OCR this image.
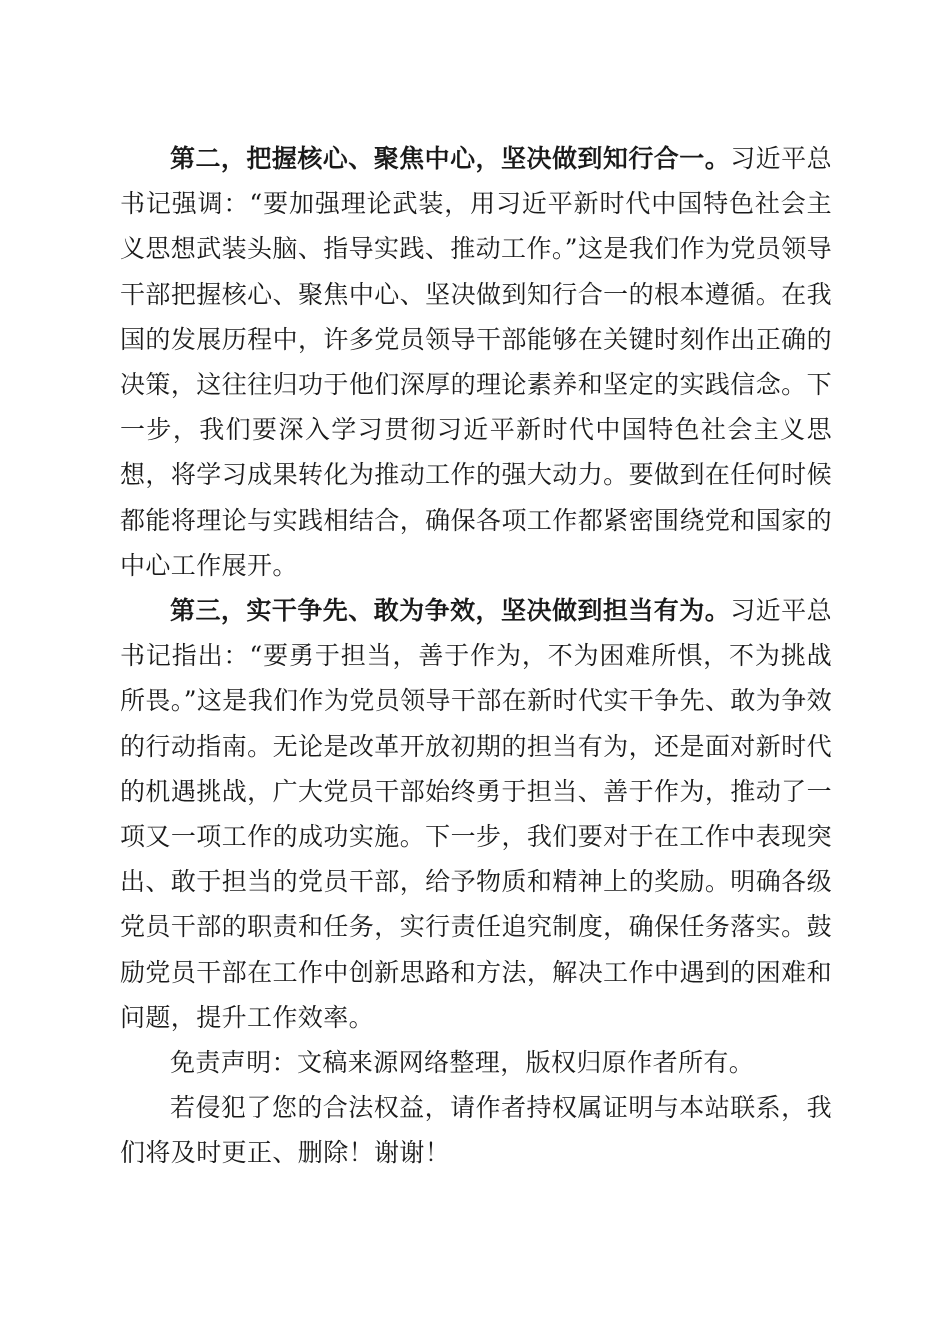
第二，把握核心、聚焦中心，坚决做到知行合一。习近平总书记强调：“要加强理论武装，用习近平新时代中国特色社会主义思想武装头脑、指导实践、推动工作。”这是我们作为党员领导干部把握核心、聚焦中心、坚决做到知行合一的根本遵循。在我国的发展历程中，许多党员领导干部能够在关键时刻作出正确的决策，这往往归功于他们深厚的理论素养和坚定的实践信念。下一步，我们要深入学习贯彻习近平新时代中国特色社会主义思想，将学习成果转化为推动工作的强大动力。要做到在任何时候都能将理论与实践相结合，确保各项工作都紧密围绕党和国家的中心工作展开。

第三，实干争先、敢为争效，坚决做到担当有为。习近平总书记指出：“要勇于担当，善于作为，不为困难所惧，不为挑战所畏。”这是我们作为党员领导干部在新时代实干争先、敢为争效的行动指南。无论是改革开放初期的担当有为，还是面对新时代的机遇挑战，广大党员干部始终勇于担当、善于作为，推动了一项又一项工作的成功实施。下一步，我们要对于在工作中表现突出、敢于担当的党员干部，给予物质和精神上的奖励。明确各级党员干部的职责和任务，实行责任追究制度，确保任务落实。鼓励党员干部在工作中创新思路和方法，解决工作中遇到的困难和问题，提升工作效率。

免责声明：文稿来源网络整理，版权归原作者所有。

若侵犯了您的合法权益，请作者持权属证明与本站联系，我们将及时更正、删除！谢谢！
